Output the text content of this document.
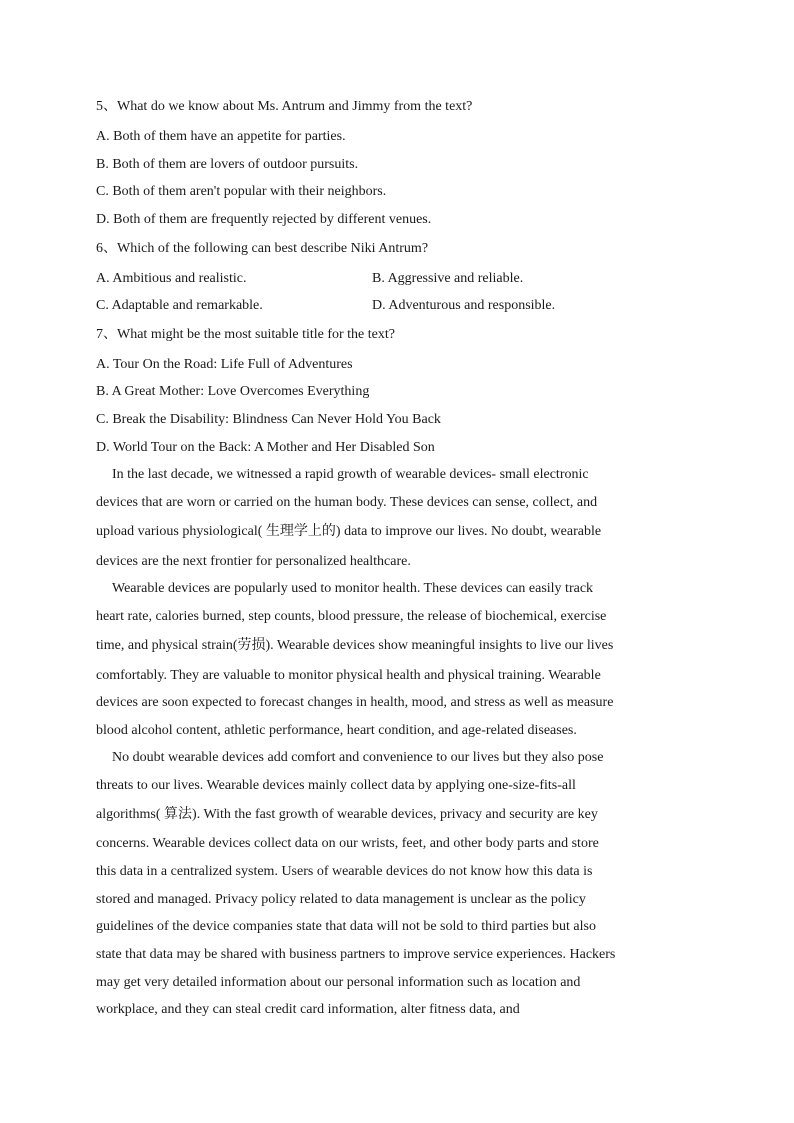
5、What do we know about Ms. Antrum and Jimmy from the text?
A. Both of them have an appetite for parties.
B. Both of them are lovers of outdoor pursuits.
C. Both of them aren't popular with their neighbors.
D. Both of them are frequently rejected by different venues.
6、Which of the following can best describe Niki Antrum?
A. Ambitious and realistic.	B. Aggressive and reliable.
C. Adaptable and remarkable.	D. Adventurous and responsible.
7、What might be the most suitable title for the text?
A. Tour On the Road: Life Full of Adventures
B. A Great Mother: Love Overcomes Everything
C. Break the Disability: Blindness Can Never Hold You Back
D. World Tour on the Back: A Mother and Her Disabled Son
In the last decade, we witnessed a rapid growth of wearable devices- small electronic
devices that are worn or carried on the human body. These devices can sense, collect, and
upload various physiological( 生理学上的) data to improve our lives. No doubt, wearable
devices are the next frontier for personalized healthcare.
Wearable devices are popularly used to monitor health. These devices can easily track
heart rate, calories burned, step counts, blood pressure, the release of biochemical, exercise
time, and physical strain(劳损). Wearable devices show meaningful insights to live our lives
comfortably. They are valuable to monitor physical health and physical training. Wearable
devices are soon expected to forecast changes in health, mood, and stress as well as measure
blood alcohol content, athletic performance, heart condition, and age-related diseases.
No doubt wearable devices add comfort and convenience to our lives but they also pose
threats to our lives. Wearable devices mainly collect data by applying one-size-fits-all
algorithms( 算法). With the fast growth of wearable devices, privacy and security are key
concerns. Wearable devices collect data on our wrists, feet, and other body parts and store
this data in a centralized system. Users of wearable devices do not know how this data is
stored and managed. Privacy policy related to data management is unclear as the policy
guidelines of the device companies state that data will not be sold to third parties but also
state that data may be shared with business partners to improve service experiences. Hackers
may get very detailed information about our personal information such as location and
workplace, and they can steal credit card information, alter fitness data, and
